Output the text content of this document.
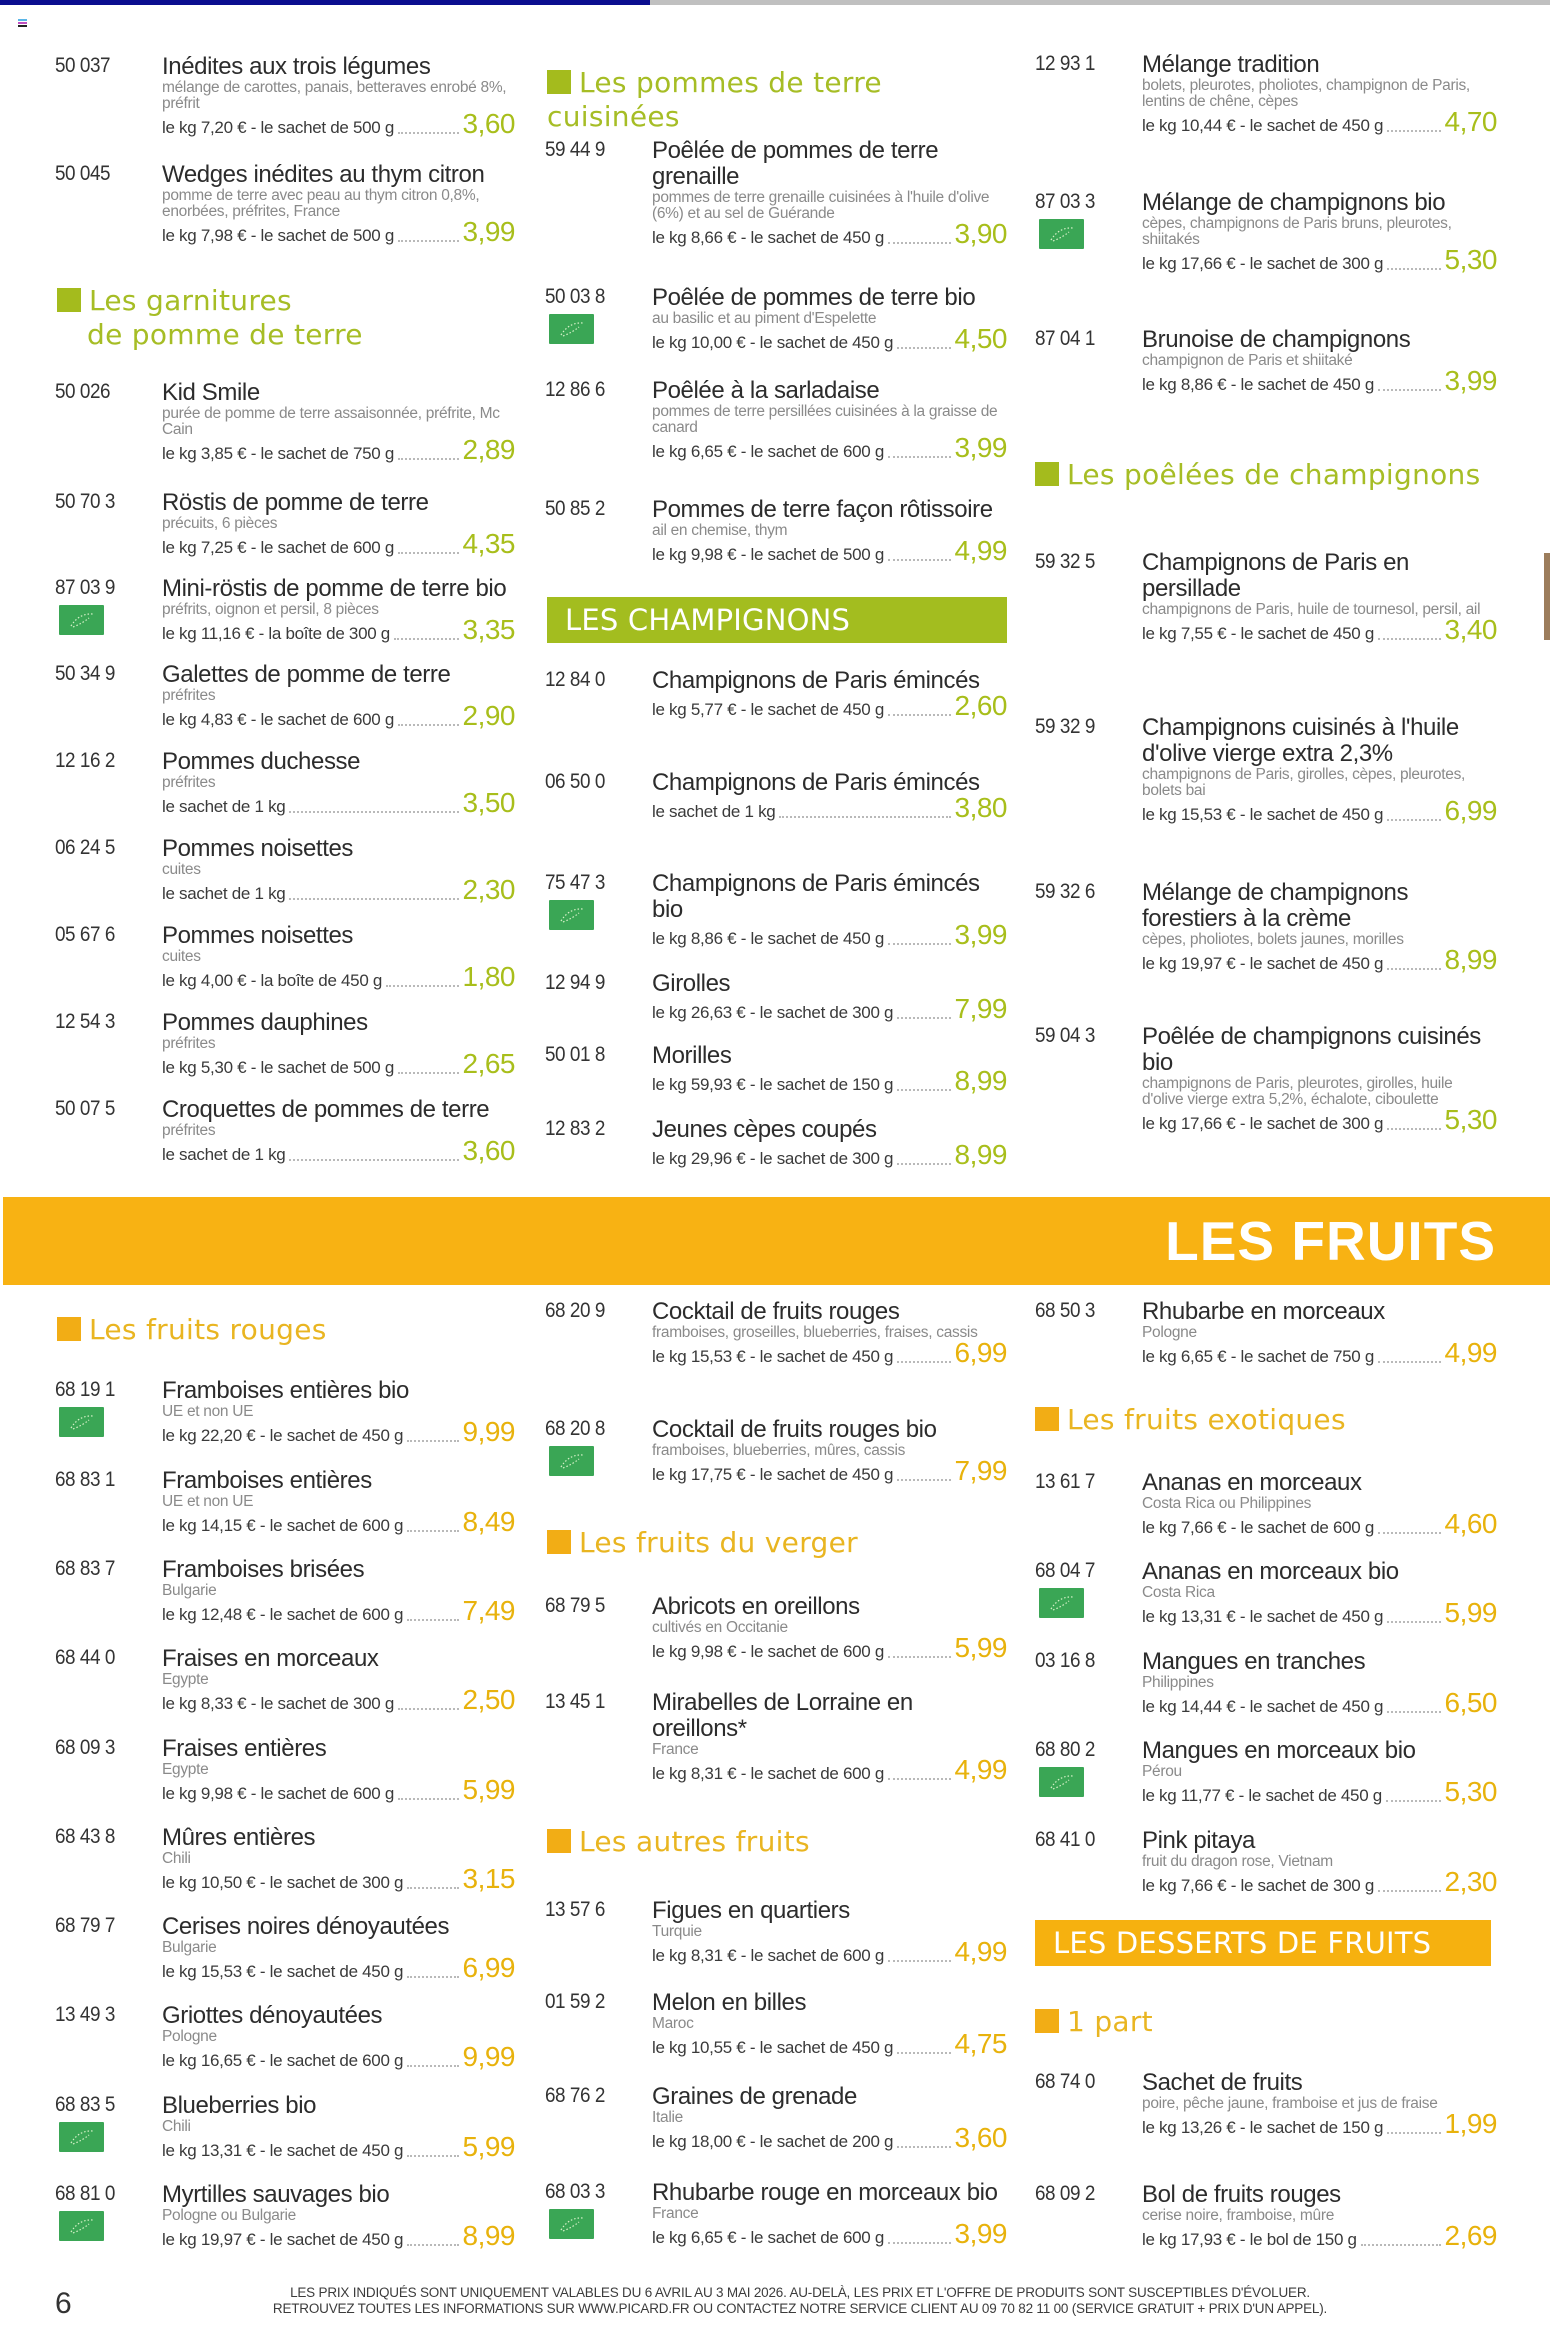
50 037 Inédites aux trois légumes
mélange de carottes, panais, betteraves enrobé 8%, préfrit
le kg 7,20 € - le sachet de 500 g 3,60
50 045 Wedges inédites au thym citron
pomme de terre avec peau au thym citron 0,8%, enorbées, préfrites, France
le kg 7,98 € - le sachet de 500 g 3,99
Les garnitures
de pomme de terre
50 026 Kid Smile
purée de pomme de terre assaisonnée, préfrite, Mc Cain
le kg 3,85 € - le sachet de 750 g 2,89
50 70 3 Röstis de pomme de terre
précuits, 6 pièces
le kg 7,25 € - le sachet de 600 g 4,35
87 03 9 Mini-röstis de pomme de terre bio
préfrits, oignon et persil, 8 pièces
le kg 11,16 € - la boîte de 300 g	3,35
50 34 9 Galettes de pomme de terre
préfrites
le kg 4,83 € - le sachet de 600 g 2,90
12 16 2 Pommes duchesse
préfrites
le sachet de 1 kg	3,50
06 24 5 Pommes noisettes
cuites
le sachet de 1 kg	2,30
05 67 6 Pommes noisettes
cuites
le kg 4,00 € - la boîte de 450 g	1,80
12 54 3 Pommes dauphines
préfrites
le kg 5,30 € - le sachet de 500 g 2,65
50 07 5 Croquettes de pommes de terre
préfrites
le sachet de 1 kg	3,60
Les pommes de terre cuisinées
59 44 9 Poêlée de pommes de terre grenaille
pommes de terre grenaille cuisinées à l'huile d'olive (6%) et au sel de Guérande
le kg 8,66 € - le sachet de 450 g	3,90
50 03 8 Poêlée de pommes de terre bio
au basilic et au piment d'Espelette
le kg 10,00 € - le sachet de 450 g 4,50
12 86 6 Poêlée à la sarladaise
pommes de terre persillées cuisinées à la graisse de canard
le kg 6,65 € - le sachet de 600 g	3,99
50 85 2 Pommes de terre façon rôtissoire
ail en chemise, thym
le kg 9,98 € - le sachet de 500 g	4,99
LES CHAMPIGNONS
12 84 0 Champignons de Paris émincés
le kg 5,77 € - le sachet de 450 g	2,60
06 50 0 Champignons de Paris émincés
le sachet de 1 kg	3,80
75 47 3 Champignons de Paris émincés bio
le kg 8,86 € - le sachet de 450 g	3,99
12 94 9 Girolles
le kg 26,63 € - le sachet de 300 g 7,99
50 01 8 Morilles
le kg 59,93 € - le sachet de 150 g 8,99
12 83 2 Jeunes cèpes coupés
le kg 29,96 € - le sachet de 300 g 8,99
12 93 1 Mélange tradition
bolets, pleurotes, pholiotes, champignon de Paris, lentins de chêne, cèpes
le kg 10,44 € - le sachet de 450 g 4,70
87 03 3 Mélange de champignons bio
cèpes, champignons de Paris bruns, pleurotes, shiitakés
le kg 17,66 € - le sachet de 300 g 5,30
87 04 1 Brunoise de champignons
champignon de Paris et shiitaké
le kg 8,86 € - le sachet de 450 g	3,99
Les poêlées de champignons
59 32 5 Champignons de Paris en persillade
champignons de Paris, huile de tournesol, persil, ail
le kg 7,55 € - le sachet de 450 g	3,40
59 32 9 Champignons cuisinés à l'huile d'olive vierge extra 2,3%
champignons de Paris, girolles, cèpes, pleurotes, bolets bai
le kg 15,53 € - le sachet de 450 g 6,99
59 32 6 Mélange de champignons forestiers à la crème
cèpes, pholiotes, bolets jaunes, morilles
le kg 19,97 € - le sachet de 450 g 8,99
59 04 3 Poêlée de champignons cuisinés bio
champignons de Paris, pleurotes, girolles, huile d'olive vierge extra 5,2%, échalote, ciboulette
le kg 17,66 € - le sachet de 300 g 5,30
LES FRUITS
Les fruits rouges
68 19 1 Framboises entières bio
UE et non UE
le kg 22,20 € - le sachet de 450 g 9,99
68 83 1 Framboises entières
UE et non UE
le kg 14,15 € - le sachet de 600 g 8,49
68 83 7 Framboises brisées
Bulgarie
le kg 12,48 € - le sachet de 600 g 7,49
68 44 0 Fraises en morceaux
Egypte
le kg 8,33 € - le sachet de 300 g 2,50
68 09 3 Fraises entières
Egypte
le kg 9,98 € - le sachet de 600 g 5,99
68 43 8 Mûres entières
Chili
le kg 10,50 € - le sachet de 300 g 3,15
68 79 7 Cerises noires dénoyautées
Bulgarie
le kg 15,53 € - le sachet de 450 g 6,99
13 49 3 Griottes dénoyautées
Pologne
le kg 16,65 € - le sachet de 600 g 9,99
68 83 5 Blueberries bio
Chili
le kg 13,31 € - le sachet de 450 g 5,99
68 81 0 Myrtilles sauvages bio
Pologne ou Bulgarie
le kg 19,97 € - le sachet de 450 g 8,99
68 20 9 Cocktail de fruits rouges
framboises, groseilles, blueberries, fraises, cassis
le kg 15,53 € - le sachet de 450 g 6,99
68 20 8 Cocktail de fruits rouges bio
framboises, blueberries, mûres, cassis
le kg 17,75 € - le sachet de 450 g 7,99
Les fruits du verger
68 79 5 Abricots en oreillons
cultivés en Occitanie
le kg 9,98 € - le sachet de 600 g	5,99
13 45 1 Mirabelles de Lorraine en oreillons*
France
le kg 8,31 € - le sachet de 600 g	4,99
Les autres fruits
13 57 6 Figues en quartiers
Turquie
le kg 8,31 € - le sachet de 600 g	4,99
01 59 2 Melon en billes
Maroc
le kg 10,55 € - le sachet de 450 g 4,75
68 76 2 Graines de grenade
Italie
le kg 18,00 € - le sachet de 200 g 3,60
68 03 3 Rhubarbe rouge en morceaux bio
France
le kg 6,65 € - le sachet de 600 g	3,99
68 50 3 Rhubarbe en morceaux
Pologne
le kg 6,65 € - le sachet de 750 g	4,99
Les fruits exotiques
13 61 7 Ananas en morceaux
Costa Rica ou Philippines
le kg 7,66 € - le sachet de 600 g	4,60
68 04 7 Ananas en morceaux bio
Costa Rica
le kg 13,31 € - le sachet de 450 g 5,99
03 16 8 Mangues en tranches
Philippines
le kg 14,44 € - le sachet de 450 g 6,50
68 80 2 Mangues en morceaux bio
Pérou
le kg 11,77 € - le sachet de 450 g 5,30
68 41 0 Pink pitaya
fruit du dragon rose, Vietnam
le kg 7,66 € - le sachet de 300 g	2,30
LES DESSERTS DE FRUITS
1 part
68 74 0 Sachet de fruits
poire, pêche jaune, framboise et jus de fraise
le kg 13,26 € - le sachet de 150 g 1,99
68 09 2 Bol de fruits rouges
cerise noire, framboise, mûre
le kg 17,93 € - le bol de 150 g	2,69
6	LES PRIX INDIQUÉS SONT UNIQUEMENT VALABLES DU 6 AVRIL AU 3 MAI 2026. AU-DELÀ, LES PRIX ET L'OFFRE DE PRODUITS SONT SUSCEPTIBLES D'ÉVOLUER.
RETROUVEZ TOUTES LES INFORMATIONS SUR WWW.PICARD.FR OU CONTACTEZ NOTRE SERVICE CLIENT AU 09 70 82 11 00 (SERVICE GRATUIT + PRIX D'UN APPEL).
